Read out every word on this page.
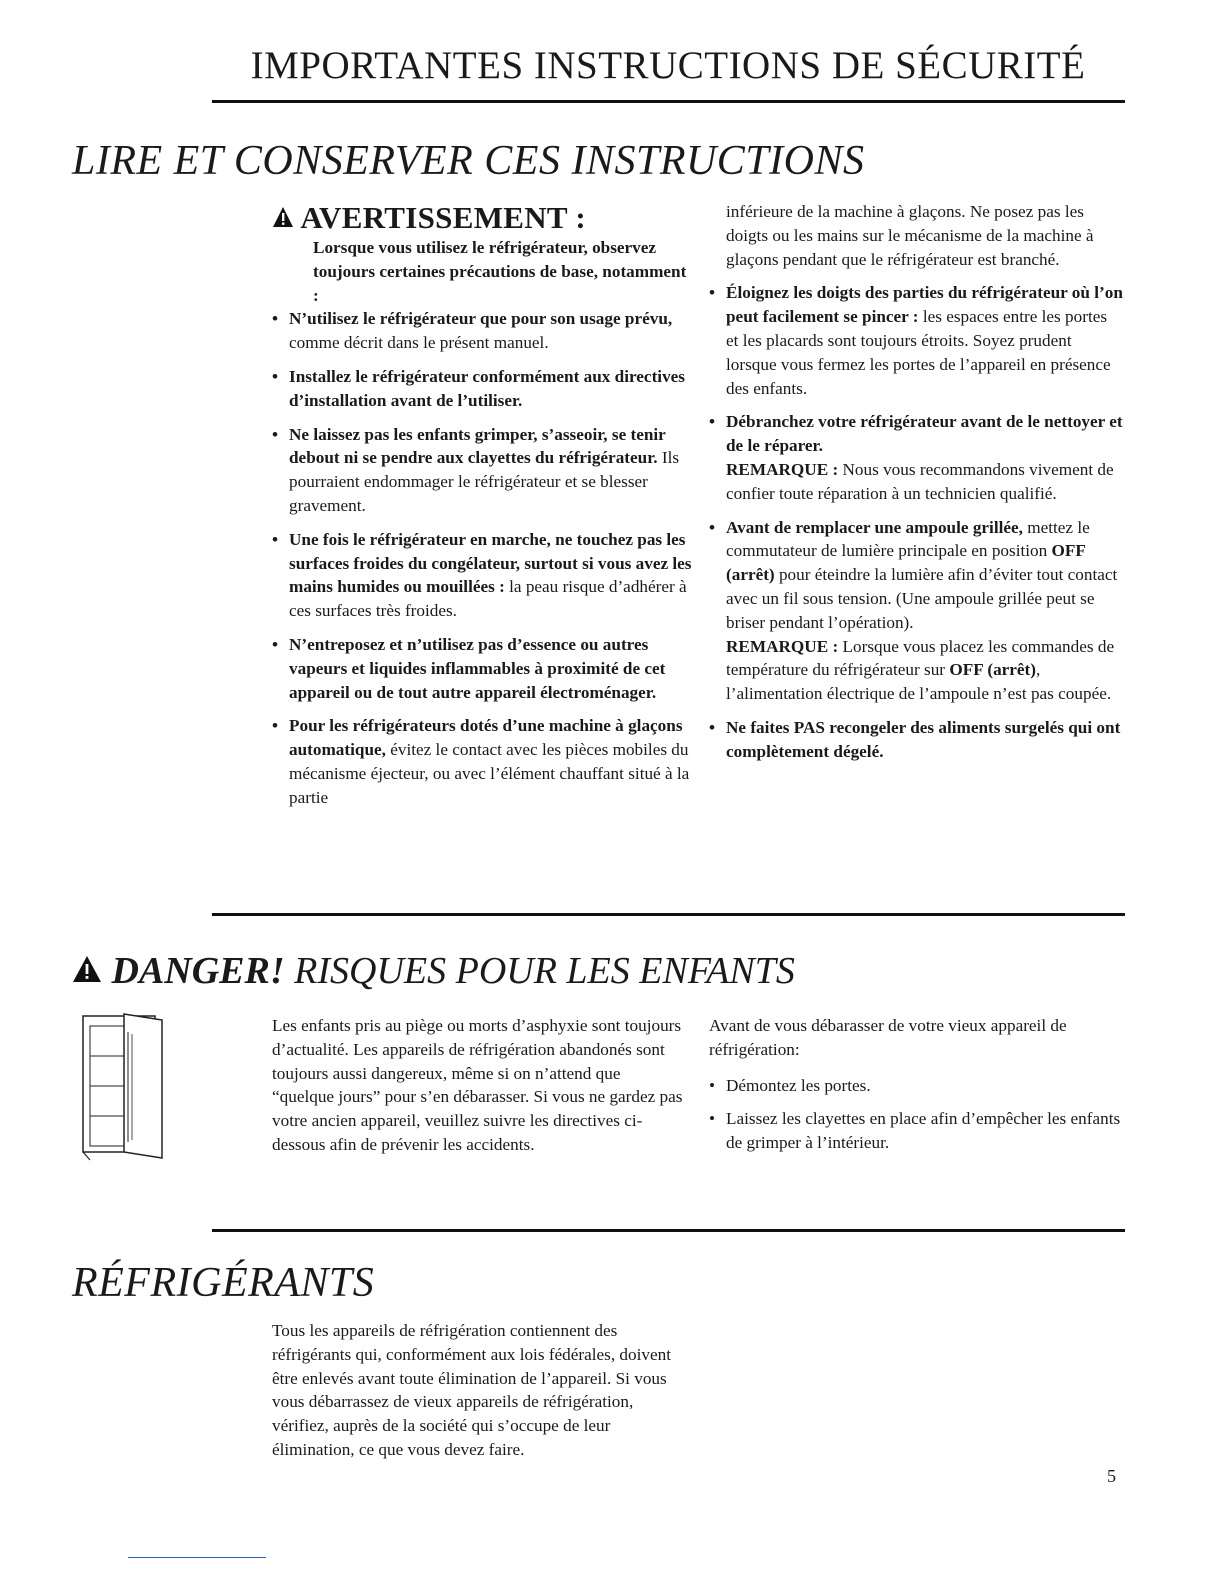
IMPORTANTES INSTRUCTIONS DE SÉCURITÉ
LIRE ET CONSERVER CES INSTRUCTIONS
AVERTISSEMENT :

Lorsque vous utilisez le réfrigérateur, observez toujours certaines précautions de base, notamment :

• N’utilisez le réfrigérateur que pour son usage prévu, comme décrit dans le présent manuel.
• Installez le réfrigérateur conformément aux directives d’installation avant de l’utiliser.
• Ne laissez pas les enfants grimper, s’asseoir, se tenir debout ni se pendre aux clayettes du réfrigérateur. Ils pourraient endommager le réfrigérateur et se blesser gravement.
• Une fois le réfrigérateur en marche, ne touchez pas les surfaces froides du congélateur, surtout si vous avez les mains humides ou mouillées : la peau risque d’adhérer à ces surfaces très froides.
• N’entreposez et n’utilisez pas d’essence ou autres vapeurs et liquides inflammables à proximité de cet appareil ou de tout autre appareil électroménager.
• Pour les réfrigérateurs dotés d’une machine à glaçons automatique, évitez le contact avec les pièces mobiles du mécanisme éjecteur, ou avec l’élément chauffant situé à la partie

inférieure de la machine à glaçons. Ne posez pas les doigts ou les mains sur le mécanisme de la machine à glaçons pendant que le réfrigérateur est branché.

• Éloignez les doigts des parties du réfrigérateur où l’on peut facilement se pincer : les espaces entre les portes et les placards sont toujours étroits. Soyez prudent lorsque vous fermez les portes de l’appareil en présence des enfants.
• Débranchez votre réfrigérateur avant de le nettoyer et de le réparer.
REMARQUE : Nous vous recommandons vivement de confier toute réparation à un technicien qualifié.
• Avant de remplacer une ampoule grillée, mettez le commutateur de lumière principale en position OFF (arrêt) pour éteindre la lumière afin d’éviter tout contact avec un fil sous tension. (Une ampoule grillée peut se briser pendant l’opération).
REMARQUE : Lorsque vous placez les commandes de température du réfrigérateur sur OFF (arrêt), l’alimentation électrique de l’ampoule n’est pas coupée.
• Ne faites PAS recongeler des aliments surgelés qui ont complètement dégelé.
DANGER! RISQUES POUR LES ENFANTS

Les enfants pris au piège ou morts d’asphyxie sont toujours d’actualité. Les appareils de réfrigération abandonés sont toujours aussi dangereux, même si on n’attend que “quelque jours” pour s’en débarasser. Si vous ne gardez pas votre ancien appareil, veuillez suivre les directives ci-dessous afin de prévenir les accidents.

Avant de vous débarasser de votre vieux appareil de réfrigération:

• Démontez les portes.
• Laissez les clayettes en place afin d’empêcher les enfants de grimper à l’intérieur.
RÉFRIGÉRANTS

Tous les appareils de réfrigération contiennent des réfrigérants qui, conformément aux lois fédérales, doivent être enlevés avant toute élimination de l’appareil. Si vous vous débarrassez de vieux appareils de réfrigération, vérifiez, auprès de la société qui s’occupe de leur élimination, ce que vous devez faire.

5
